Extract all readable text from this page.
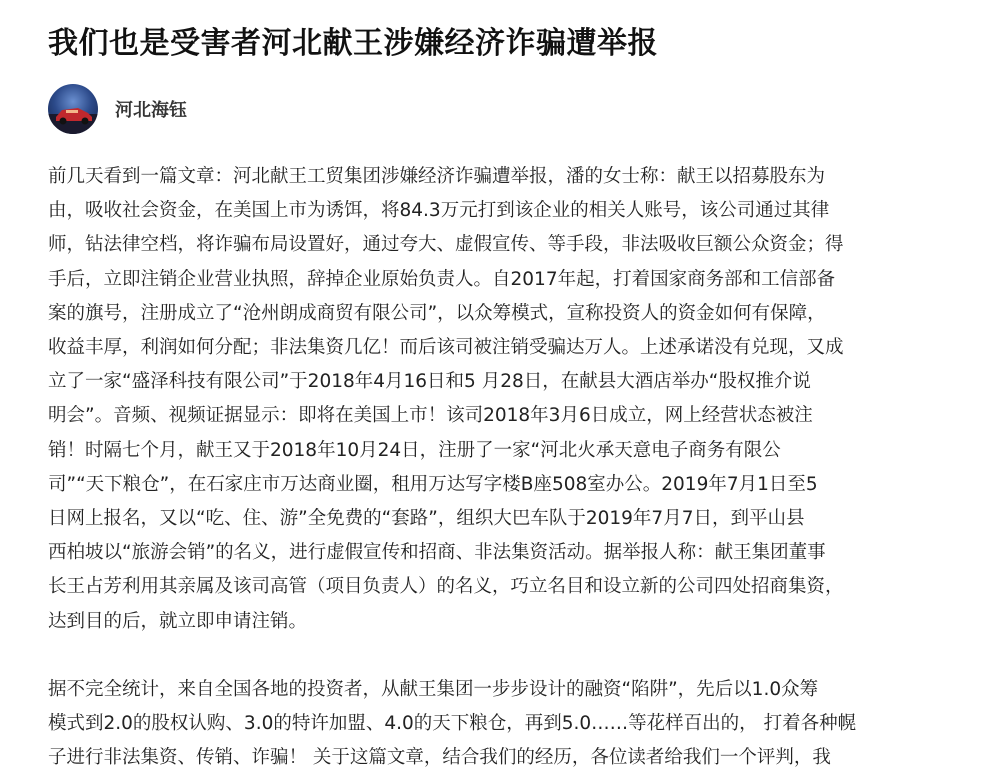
我们也是受害者河北献王涉嫌经济诈骗遭举报
河北海钰

前几天看到一篇文章：河北献王工贸集团涉嫌经济诈骗遭举报，潘的女士称：献王以招募股东为
由，吸收社会资金，在美国上市为诱饵，将84.3万元打到该企业的相关人账号，该公司通过其律
师，钻法律空档，将诈骗布局设置好，通过夸大、虚假宣传、等手段，非法吸收巨额公众资金；得
手后，立即注销企业营业执照，辞掉企业原始负责人。自2017年起，打着国家商务部和工信部备
案的旗号，注册成立了“沧州朗成商贸有限公司”，以众筹模式，宣称投资人的资金如何有保障，
收益丰厚，利润如何分配；非法集资几亿！而后该司被注销受骗达万人。上述承诺没有兑现，又成
立了一家“盛泽科技有限公司”于2018年4月16日和5 月28日，在献县大酒店举办“股权推介说
明会”。音频、视频证据显示：即将在美国上市！该司2018年3月6日成立，网上经营状态被注
销！时隔七个月，献王又于2018年10月24日，注册了一家“河北火承天意电子商务有限公
司”“天下粮仓”，在石家庄市万达商业圈，租用万达写字楼B座508室办公。2019年7月1日至5
日网上报名，又以“吃、住、游”全免费的“套路”，组织大巴车队于2019年7月7日，到平山县
西柏坡以“旅游会销”的名义，进行虚假宣传和招商、非法集资活动。据举报人称：献王集团董事
长王占芳利用其亲属及该司高管（项目负责人）的名义，巧立名目和设立新的公司四处招商集资，
达到目的后，就立即申请注销。

据不完全统计，来自全国各地的投资者，从献王集团一步步设计的融资“陷阱”，先后以1.0众筹
模式到2.0的股权认购、3.0的特许加盟、4.0的天下粮仓，再到5.0……等花样百出的， 打着各种幌
子进行非法集资、传销、诈骗！ 关于这篇文章，结合我们的经历，各位读者给我们一个评判，我
